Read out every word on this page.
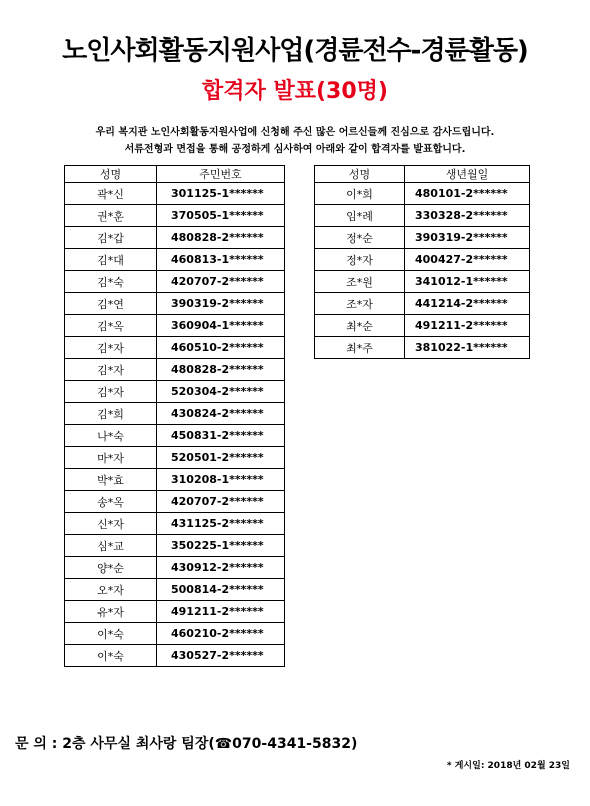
노인사회활동지원사업(경륜전수-경륜활동)
합격자 발표(30명)
우리 복지관 노인사회활동지원사업에 신청해 주신 많은 어르신들께 진심으로 감사드립니다.
서류전형과 면접을 통해 공정하게 심사하여 아래와 같이 합격자를 발표합니다.
성명	주민번호
곽*신	301125-1******
권*훈	370505-1******
김*갑	480828-2******
김*대	460813-1******
김*숙	420707-2******
김*연	390319-2******
김*옥	360904-1******
김*자	460510-2******
김*자	480828-2******
김*자	520304-2******
김*희	430824-2******
나*숙	450831-2******
마*자	520501-2******
박*효	310208-1******
송*옥	420707-2******
신*자	431125-2******
심*교	350225-1******
양*순	430912-2******
오*자	500814-2******
유*자	491211-2******
이*숙	460210-2******
이*숙	430527-2******
성명	생년월일
이*희	480101-2******
임*례	330328-2******
정*순	390319-2******
정*자	400427-2******
조*원	341012-1******
조*자	441214-2******
최*순	491211-2******
최*주	381022-1******
문 의 : 2층 사무실 최사랑 팀장(☎070-4341-5832)
* 게시일: 2018년 02월 23일
